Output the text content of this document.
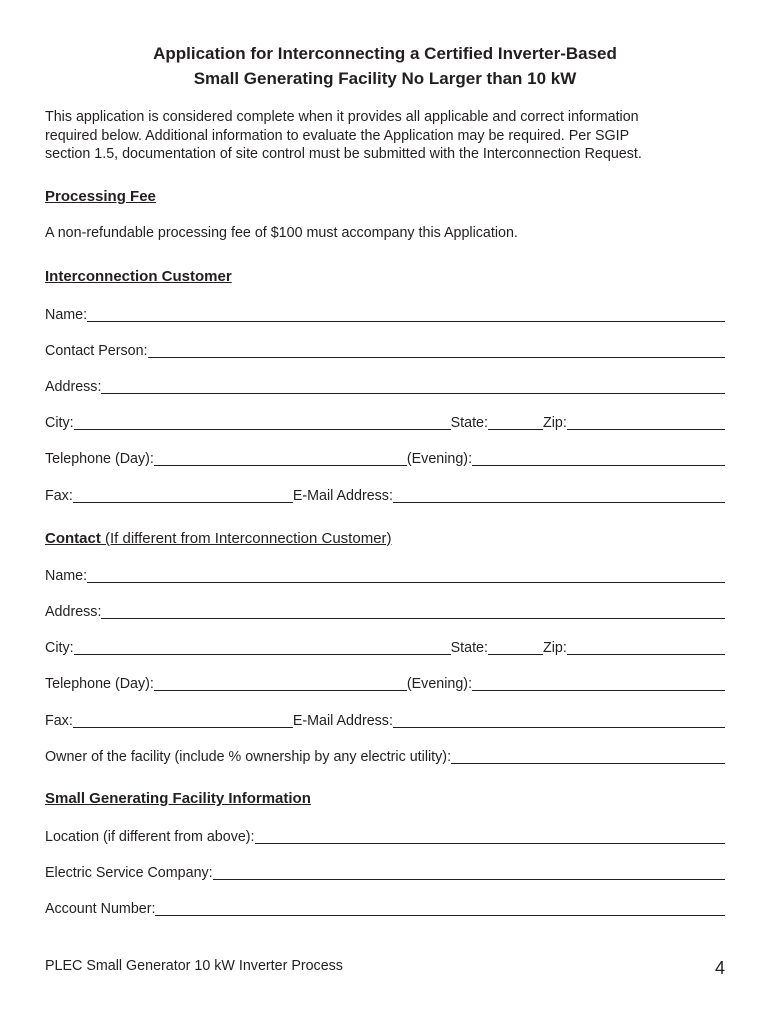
Application for Interconnecting a Certified Inverter-Based
Small Generating Facility No Larger than 10 kW
This application is considered complete when it provides all applicable and correct information
required below. Additional information to evaluate the Application may be required. Per SGIP
section 1.5, documentation of site control must be submitted with the Interconnection Request.
Processing Fee
A non-refundable processing fee of $100 must accompany this Application.
Interconnection Customer
Name:
Contact Person:
Address:
City:	State:	Zip:
Telephone (Day):	(Evening):
Fax:	E-Mail Address:
Contact (If different from Interconnection Customer)
Name:
Address:
City:	State:	Zip:
Telephone (Day):	(Evening):
Fax:	E-Mail Address:
Owner of the facility (include % ownership by any electric utility):
Small Generating Facility Information
Location (if different from above):
Electric Service Company:
Account Number:
PLEC Small Generator 10 kW Inverter Process	4
